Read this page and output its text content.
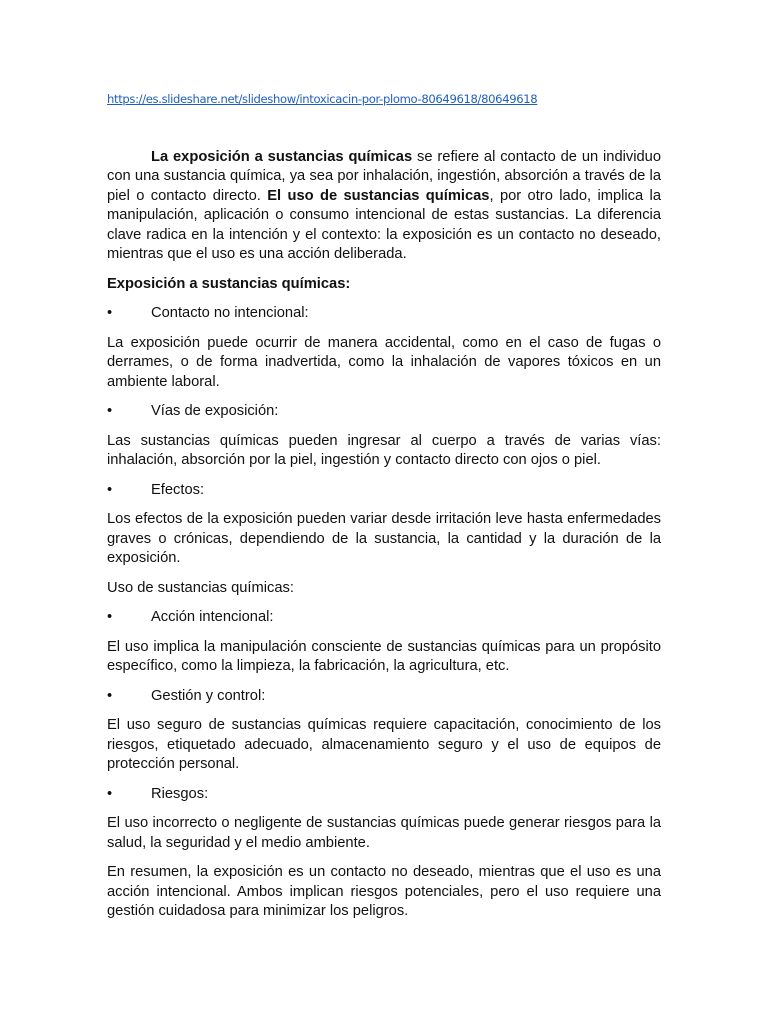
https://es.slideshare.net/slideshow/intoxicacin-por-plomo-80649618/80649618

La exposición a sustancias químicas se refiere al contacto de un individuo con una sustancia química, ya sea por inhalación, ingestión, absorción a través de la piel o contacto directo. El uso de sustancias químicas, por otro lado, implica la manipulación, aplicación o consumo intencional de estas sustancias. La diferencia clave radica en la intención y el contexto: la exposición es un contacto no deseado, mientras que el uso es una acción deliberada.

Exposición a sustancias químicas:

•	Contacto no intencional:

La exposición puede ocurrir de manera accidental, como en el caso de fugas o derrames, o de forma inadvertida, como la inhalación de vapores tóxicos en un ambiente laboral.

•	Vías de exposición:

Las sustancias químicas pueden ingresar al cuerpo a través de varias vías: inhalación, absorción por la piel, ingestión y contacto directo con ojos o piel.

•	Efectos:

Los efectos de la exposición pueden variar desde irritación leve hasta enfermedades graves o crónicas, dependiendo de la sustancia, la cantidad y la duración de la exposición.

Uso de sustancias químicas:

•	Acción intencional:

El uso implica la manipulación consciente de sustancias químicas para un propósito específico, como la limpieza, la fabricación, la agricultura, etc.

•	Gestión y control:

El uso seguro de sustancias químicas requiere capacitación, conocimiento de los riesgos, etiquetado adecuado, almacenamiento seguro y el uso de equipos de protección personal.

•	Riesgos:

El uso incorrecto o negligente de sustancias químicas puede generar riesgos para la salud, la seguridad y el medio ambiente.

En resumen, la exposición es un contacto no deseado, mientras que el uso es una acción intencional. Ambos implican riesgos potenciales, pero el uso requiere una gestión cuidadosa para minimizar los peligros.
